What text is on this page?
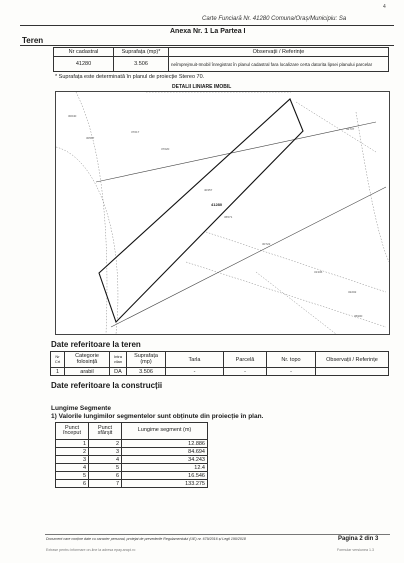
4
Carte Funciară Nr. 41280 Comuna/Oraș/Municipiu: Sa
Anexa Nr. 1 La Partea I
Teren
Nr cadastral	Suprafața (mp)*	Observații / Referințe
41280	3.506	neîmprejmuit-Imobil înregistrat în planul cadastral fara localizare certa datorita lipsei planului parcelar
* Suprafața este determinată în planul de proiecție Stereo 70.
DETALII LINIARE IMOBIL
41280
30040
30587
37017
37020
42737
40357
36571
30722
31336
32202
36900
Date referitoare la teren
Nr Crt	Categorie folosință	Intra vilan	Suprafața (mp)	Tarla	Parcelă	Nr. topo	Observații / Referințe
1	arabil	DA	3.506	-	-	-	
Date referitoare la construcții
Lungime Segmente
1) Valorile lungimilor segmentelor sunt obținute din proiecție în plan.
Punct început	Punct sfârșit	Lungime segment (m)
1	2	12.886
2	3	84.694
3	4	34.243
4	5	12.4
5	6	16.546
6	7	133.275
Document care conține date cu caracter personal, protejat de prevederile Regulamentului (UE) nr. 679/2016 și Legii 190/2018	Pagina 2 din 3
Extrase pentru informare on-line la adresa epay.ancpi.ro	Formular versiunea 1.3
